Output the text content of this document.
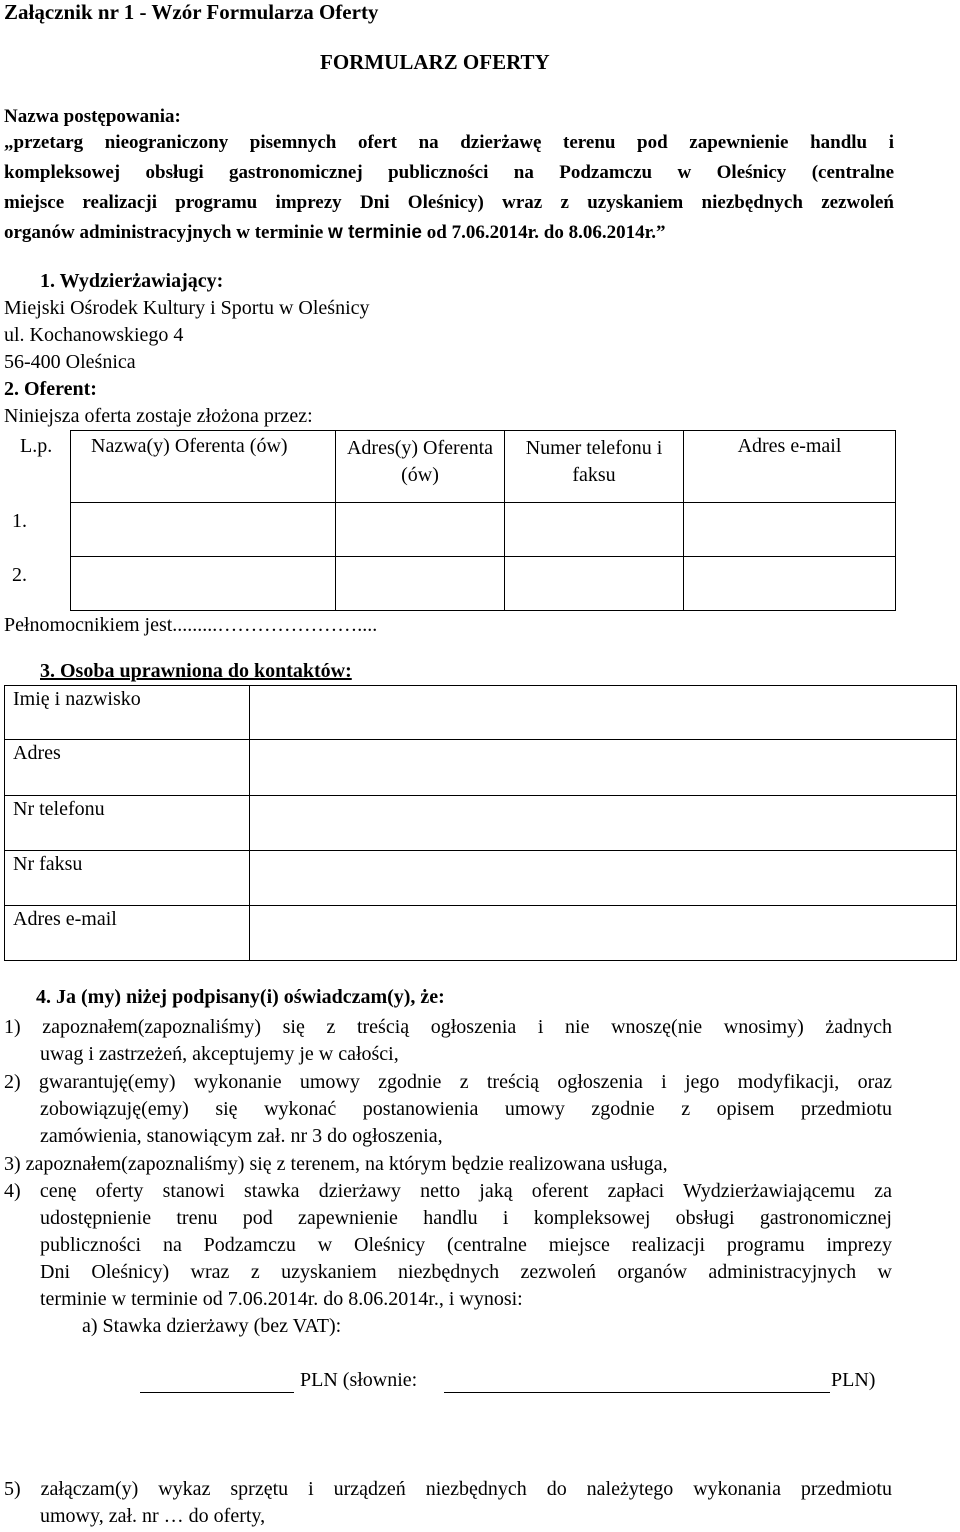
Załącznik nr 1 - Wzór Formularza Oferty
FORMULARZ OFERTY
Nazwa postępowania:
„przetarg nieograniczony pisemnych ofert na dzierżawę terenu pod zapewnienie handlu i
kompleksowej obsługi gastronomicznej publiczności na Podzamczu w Oleśnicy (centralne
miejsce realizacji programu imprezy Dni Oleśnicy) wraz z uzyskaniem niezbędnych zezwoleń
organów administracyjnych w terminie w terminie od 7.06.2014r. do 8.06.2014r.”
1. Wydzierżawiający:
Miejski Ośrodek Kultury i Sportu w Oleśnicy
ul. Kochanowskiego 4
56-400 Oleśnica
2. Oferent:
Niniejsza oferta zostaje złożona przez:
L.p.	Nazwa(y) Oferenta (ów)	Adres(y) Oferenta (ów)	Numer telefonu i faksu	Adres e-mail

1.
2.
Pełnomocnikiem jest.........…………………....
3. Osoba uprawniona do kontaktów:
Imię i nazwisko	

Adres	

Nr telefonu	

Nr faksu	

Adres e-mail	

4. Ja (my) niżej podpisany(i) oświadczam(y), że:
1) zapoznałem(zapoznaliśmy) się z treścią ogłoszenia i nie wnoszę(nie wnosimy) żadnych
uwag i zastrzeżeń, akceptujemy je w całości,
2) gwarantuję(emy) wykonanie umowy zgodnie z treścią ogłoszenia i jego modyfikacji, oraz
zobowiązuję(emy) się wykonać postanowienia umowy zgodnie z opisem przedmiotu
zamówienia, stanowiącym zał. nr 3 do ogłoszenia,
3) zapoznałem(zapoznaliśmy) się z terenem, na którym będzie realizowana usługa,
4) cenę oferty stanowi stawka dzierżawy netto jaką oferent zapłaci Wydzierżawiającemu za
udostępnienie trenu pod zapewnienie handlu i kompleksowej obsługi gastronomicznej
publiczności na Podzamczu w Oleśnicy (centralne miejsce realizacji programu imprezy
Dni Oleśnicy) wraz z uzyskaniem niezbędnych zezwoleń organów administracyjnych w
terminie w terminie od 7.06.2014r. do 8.06.2014r., i wynosi:
a) Stawka dzierżawy (bez VAT):
PLN (słownie:	PLN)
5) załączam(y) wykaz sprzętu i urządzeń niezbędnych do należytego wykonania przedmiotu
umowy, zał. nr … do oferty,
